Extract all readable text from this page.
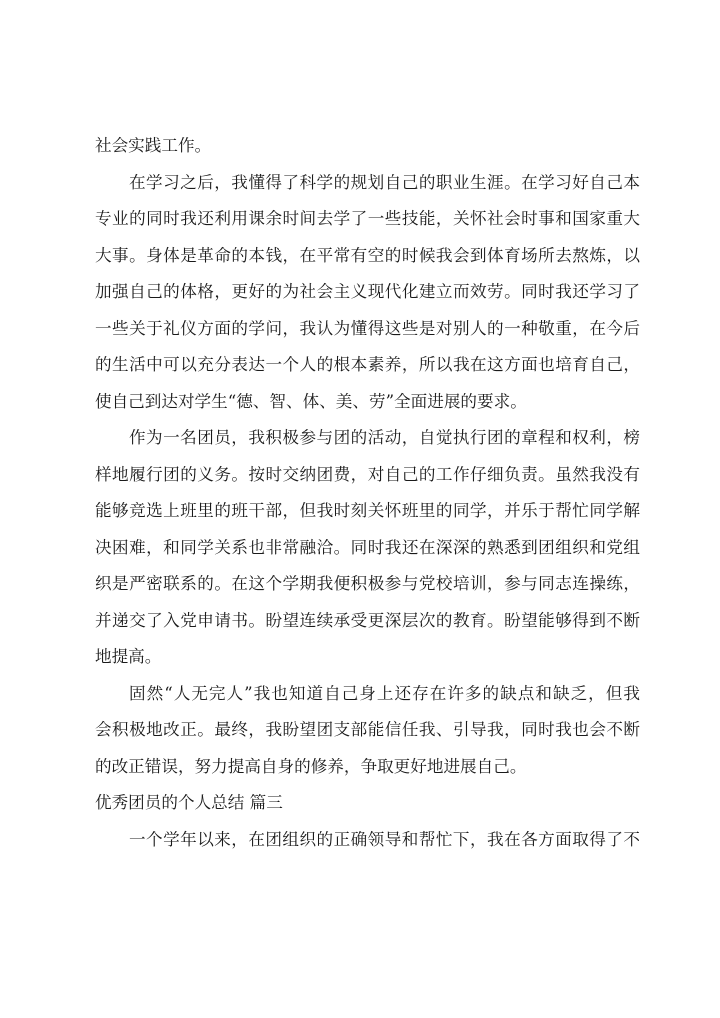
社会实践工作。
在学习之后，我懂得了科学的规划自己的职业生涯。在学习好自己本
专业的同时我还利用课余时间去学了一些技能，关怀社会时事和国家重大
大事。身体是革命的本钱，在平常有空的时候我会到体育场所去熬炼，以
加强自己的体格，更好的为社会主义现代化建立而效劳。同时我还学习了
一些关于礼仪方面的学问，我认为懂得这些是对别人的一种敬重，在今后
的生活中可以充分表达一个人的根本素养，所以我在这方面也培育自己，
使自己到达对学生“德、智、体、美、劳”全面进展的要求。
作为一名团员，我积极参与团的活动，自觉执行团的章程和权利，榜
样地履行团的义务。按时交纳团费，对自己的工作仔细负责。虽然我没有
能够竞选上班里的班干部，但我时刻关怀班里的同学，并乐于帮忙同学解
决困难，和同学关系也非常融洽。同时我还在深深的熟悉到团组织和党组
织是严密联系的。在这个学期我便积极参与党校培训，参与同志连操练，
并递交了入党申请书。盼望连续承受更深层次的教育。盼望能够得到不断
地提高。
固然“人无完人”我也知道自己身上还存在许多的缺点和缺乏，但我
会积极地改正。最终，我盼望团支部能信任我、引导我，同时我也会不断
的改正错误，努力提高自身的修养，争取更好地进展自己。
优秀团员的个人总结 篇三
一个学年以来，在团组织的正确领导和帮忙下，我在各方面取得了不
